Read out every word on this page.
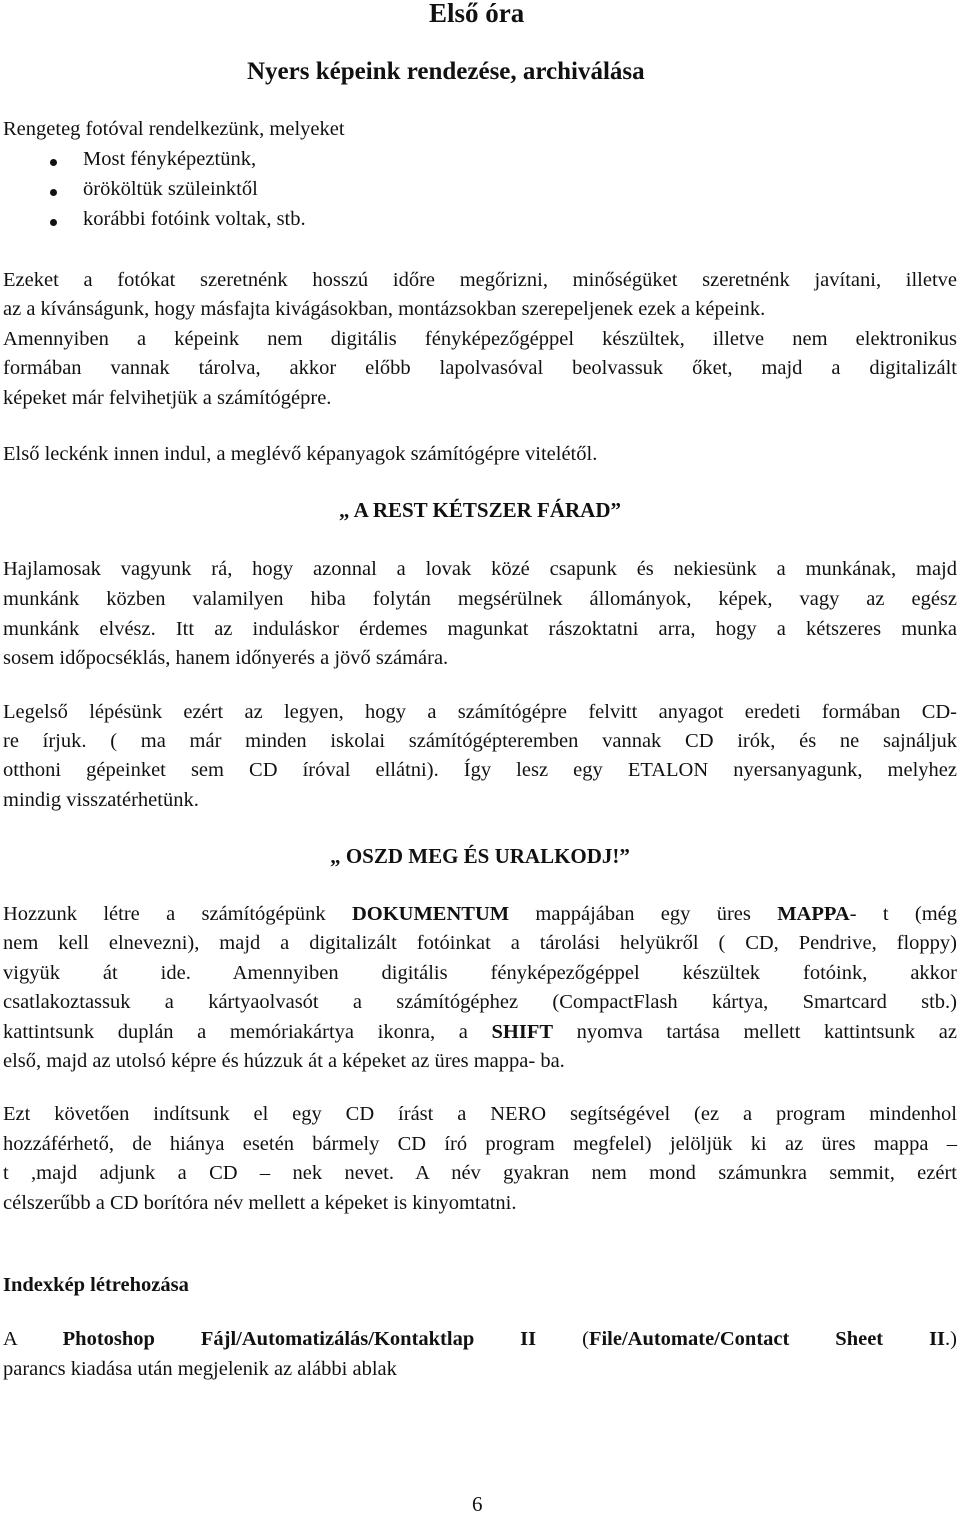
Első óra
Nyers képeink rendezése, archiválása
Rengeteg fotóval rendelkezünk, melyeket
Most fényképeztünk,
örököltük szüleinktől
korábbi fotóink voltak, stb.
Ezeket a fotókat szeretnénk hosszú időre megőrizni, minőségüket szeretnénk javítani, illetve
az a kívánságunk, hogy másfajta kivágásokban, montázsokban szerepeljenek ezek a képeink.
Amennyiben a képeink nem digitális fényképezőgéppel készültek, illetve nem elektronikus
formában vannak tárolva, akkor előbb lapolvasóval beolvassuk őket, majd a digitalizált
képeket már felvihetjük a számítógépre.
Első leckénk innen indul, a meglévő képanyagok számítógépre vitelétől.
„ A REST KÉTSZER FÁRAD”
Hajlamosak vagyunk rá, hogy azonnal a lovak közé csapunk és nekiesünk a munkának, majd
munkánk közben valamilyen hiba folytán megsérülnek állományok, képek, vagy az egész
munkánk elvész. Itt az induláskor érdemes magunkat rászoktatni arra, hogy a kétszeres munka
sosem időpocséklás, hanem időnyerés a jövő számára.
Legelső lépésünk ezért az legyen, hogy a számítógépre felvitt anyagot eredeti formában CD-
re írjuk. ( ma már minden iskolai számítógépteremben vannak CD irók, és ne sajnáljuk
otthoni gépeinket sem CD íróval ellátni). Így lesz egy ETALON nyersanyagunk, melyhez
mindig visszatérhetünk.
„ OSZD MEG ÉS URALKODJ!”
Hozzunk létre a számítógépünk DOKUMENTUM mappájában egy üres MAPPA- t (még
nem kell elnevezni), majd a digitalizált fotóinkat a tárolási helyükről ( CD, Pendrive, floppy)
vigyük át ide. Amennyiben digitális fényképezőgéppel készültek fotóink, akkor
csatlakoztassuk a kártyaolvasót a számítógéphez (CompactFlash kártya, Smartcard stb.)
kattintsunk duplán a memóriakártya ikonra, a SHIFT nyomva tartása mellett kattintsunk az
első, majd az utolsó képre és húzzuk át a képeket az üres mappa- ba.
Ezt követően indítsunk el egy CD írást a NERO segítségével (ez a program mindenhol
hozzáférhető, de hiánya esetén bármely CD író program megfelel) jelöljük ki az üres mappa –
t ,majd adjunk a CD – nek nevet. A név gyakran nem mond számunkra semmit, ezért
célszerűbb a CD borítóra név mellett a képeket is kinyomtatni.
Indexkép létrehozása
A Photoshop Fájl/Automatizálás/Kontaktlap II (File/Automate/Contact Sheet II.)
parancs kiadása után megjelenik az alábbi ablak
6
